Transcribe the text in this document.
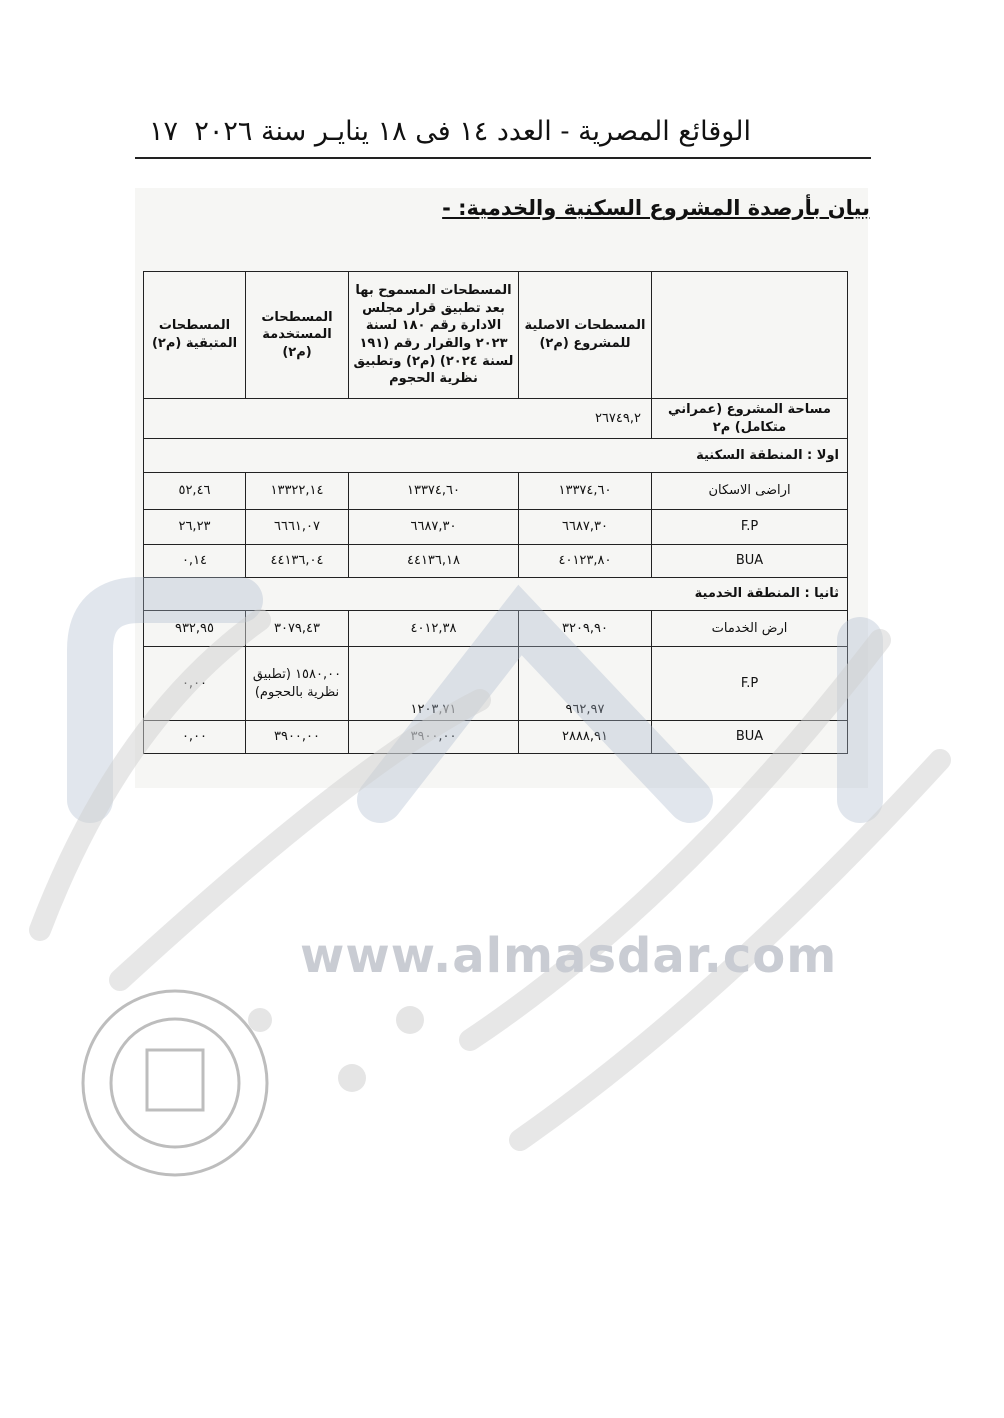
الوقائع المصرية - العدد ١٤ فى ١٨ ينايـر سنة ٢٠٢٦
١٧
بيان بأرصدة المشروع السكنية والخدمية: -
	المسطحات الاصلية للمشروع (م٢)	المسطحات المسموح بها بعد تطبيق قرار مجلس الادارة رقم ١٨٠ لسنة ٢٠٢٣ والقرار رقم (١٩١ لسنة ٢٠٢٤) (م٢) وتطبيق نظرية الحجوم	المسطحات المستخدمة (م٢)	المسطحات المتبقية (م٢)
مساحة المشروع (عمراني متكامل) م٢	٢٦٧٤٩,٢			
اولا : المنطقة السكنية				
اراضى الاسكان	١٣٣٧٤,٦٠	١٣٣٧٤,٦٠	١٣٣٢٢,١٤	٥٢,٤٦
F.P	٦٦٨٧,٣٠	٦٦٨٧,٣٠	٦٦٦١,٠٧	٢٦,٢٣
BUA	٤٠١٢٣,٨٠	٤٤١٣٦,١٨	٤٤١٣٦,٠٤	٠,١٤
ثانيا : المنطقة الخدمية				
ارض الخدمات	٣٢٠٩,٩٠	٤٠١٢,٣٨	٣٠٧٩,٤٣	٩٣٢,٩٥
F.P	٩٦٢,٩٧	١٢٠٣,٧١	١٥٨٠,٠٠ (تطبيق نظرية بالحجوم)	٠,٠٠
BUA	٢٨٨٨,٩١	٣٩٠٠,٠٠	٣٩٠٠,٠٠	٠,٠٠
www.almasdar.com
